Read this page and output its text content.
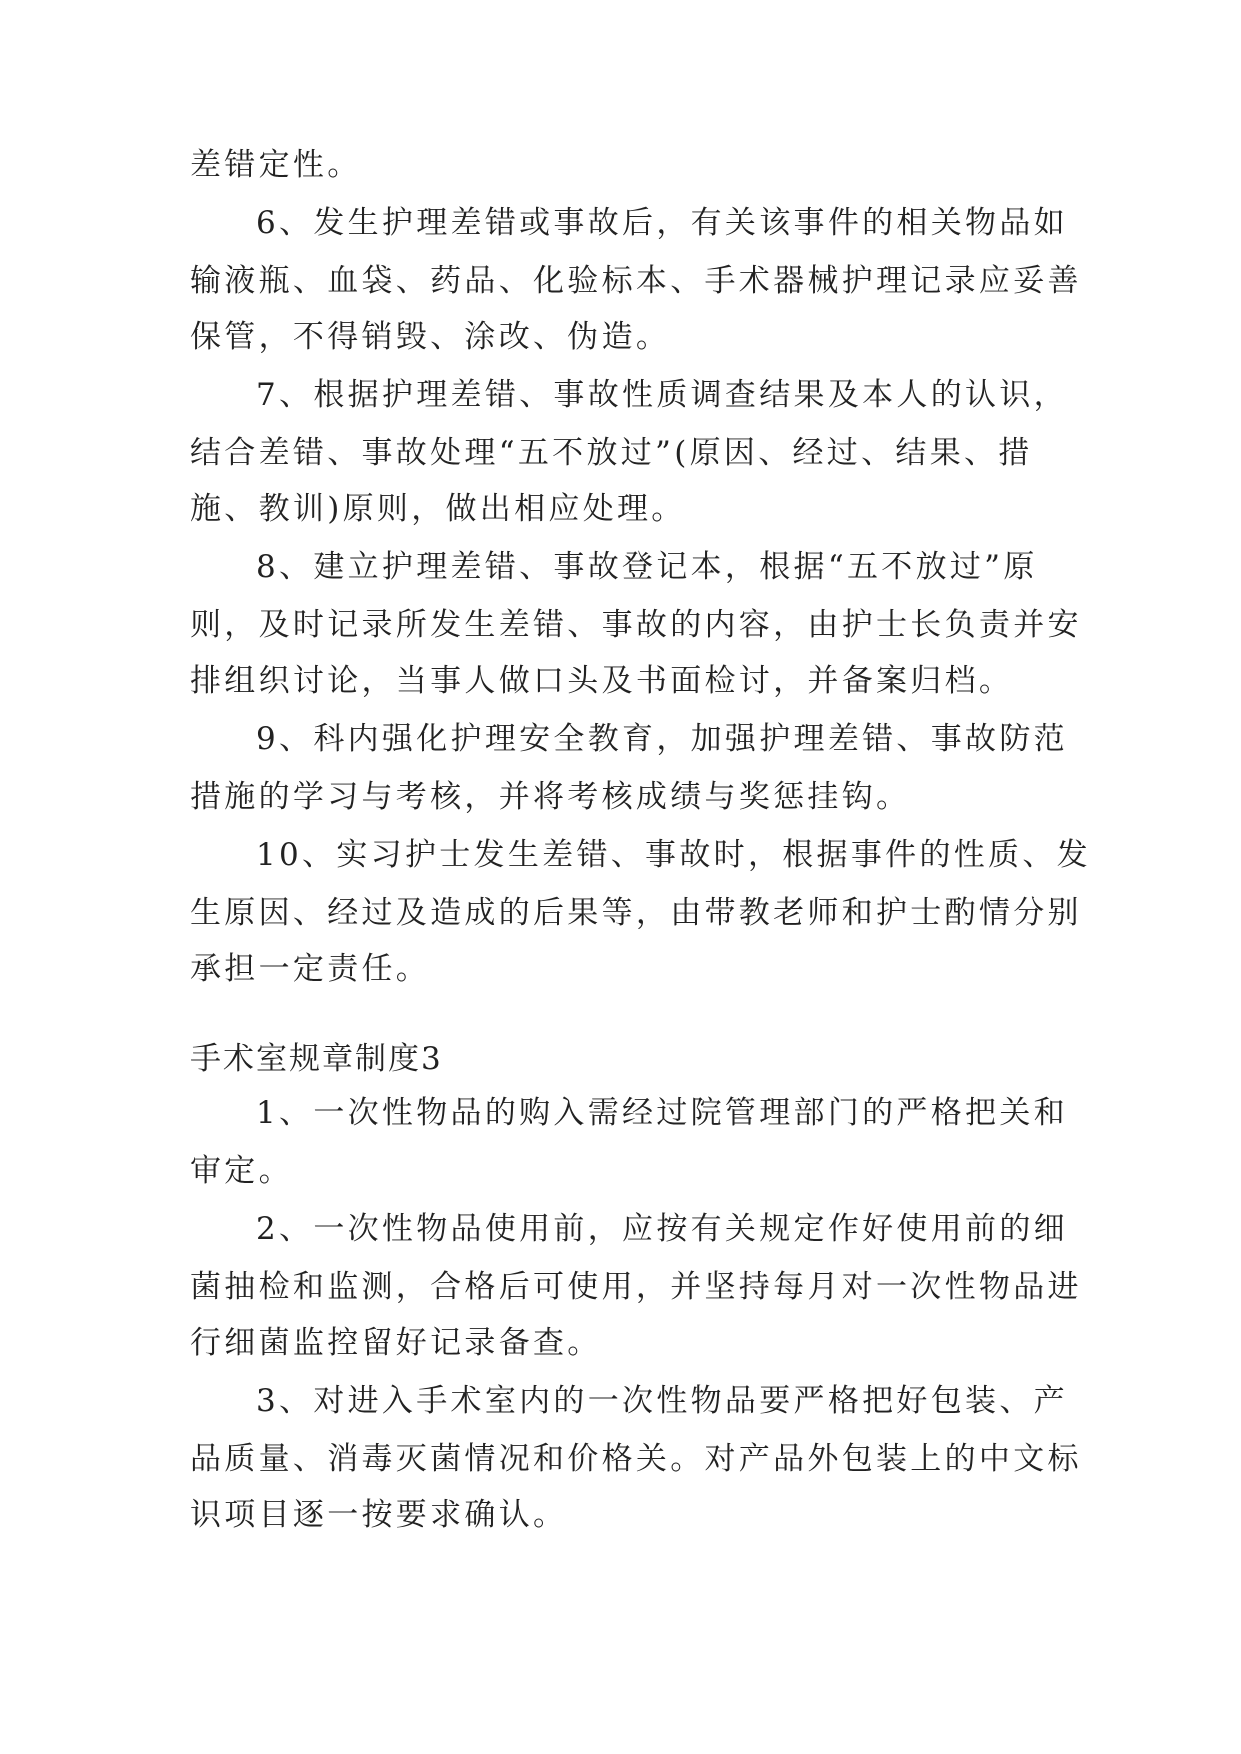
差错定性。
6、发生护理差错或事故后，有关该事件的相关物品如
输液瓶、血袋、药品、化验标本、手术器械护理记录应妥善
保管，不得销毁、涂改、伪造。
7、根据护理差错、事故性质调查结果及本人的认识，
结合差错、事故处理“五不放过”(原因、经过、结果、措
施、教训)原则，做出相应处理。
8、建立护理差错、事故登记本，根据“五不放过”原
则，及时记录所发生差错、事故的内容，由护士长负责并安
排组织讨论，当事人做口头及书面检讨，并备案归档。
9、科内强化护理安全教育，加强护理差错、事故防范
措施的学习与考核，并将考核成绩与奖惩挂钩。
10、实习护士发生差错、事故时，根据事件的性质、发
生原因、经过及造成的后果等，由带教老师和护士酌情分别
承担一定责任。
手术室规章制度3
1、一次性物品的购入需经过院管理部门的严格把关和
审定。
2、一次性物品使用前，应按有关规定作好使用前的细
菌抽检和监测，合格后可使用，并坚持每月对一次性物品进
行细菌监控留好记录备查。
3、对进入手术室内的一次性物品要严格把好包装、产
品质量、消毒灭菌情况和价格关。对产品外包装上的中文标
识项目逐一按要求确认。
